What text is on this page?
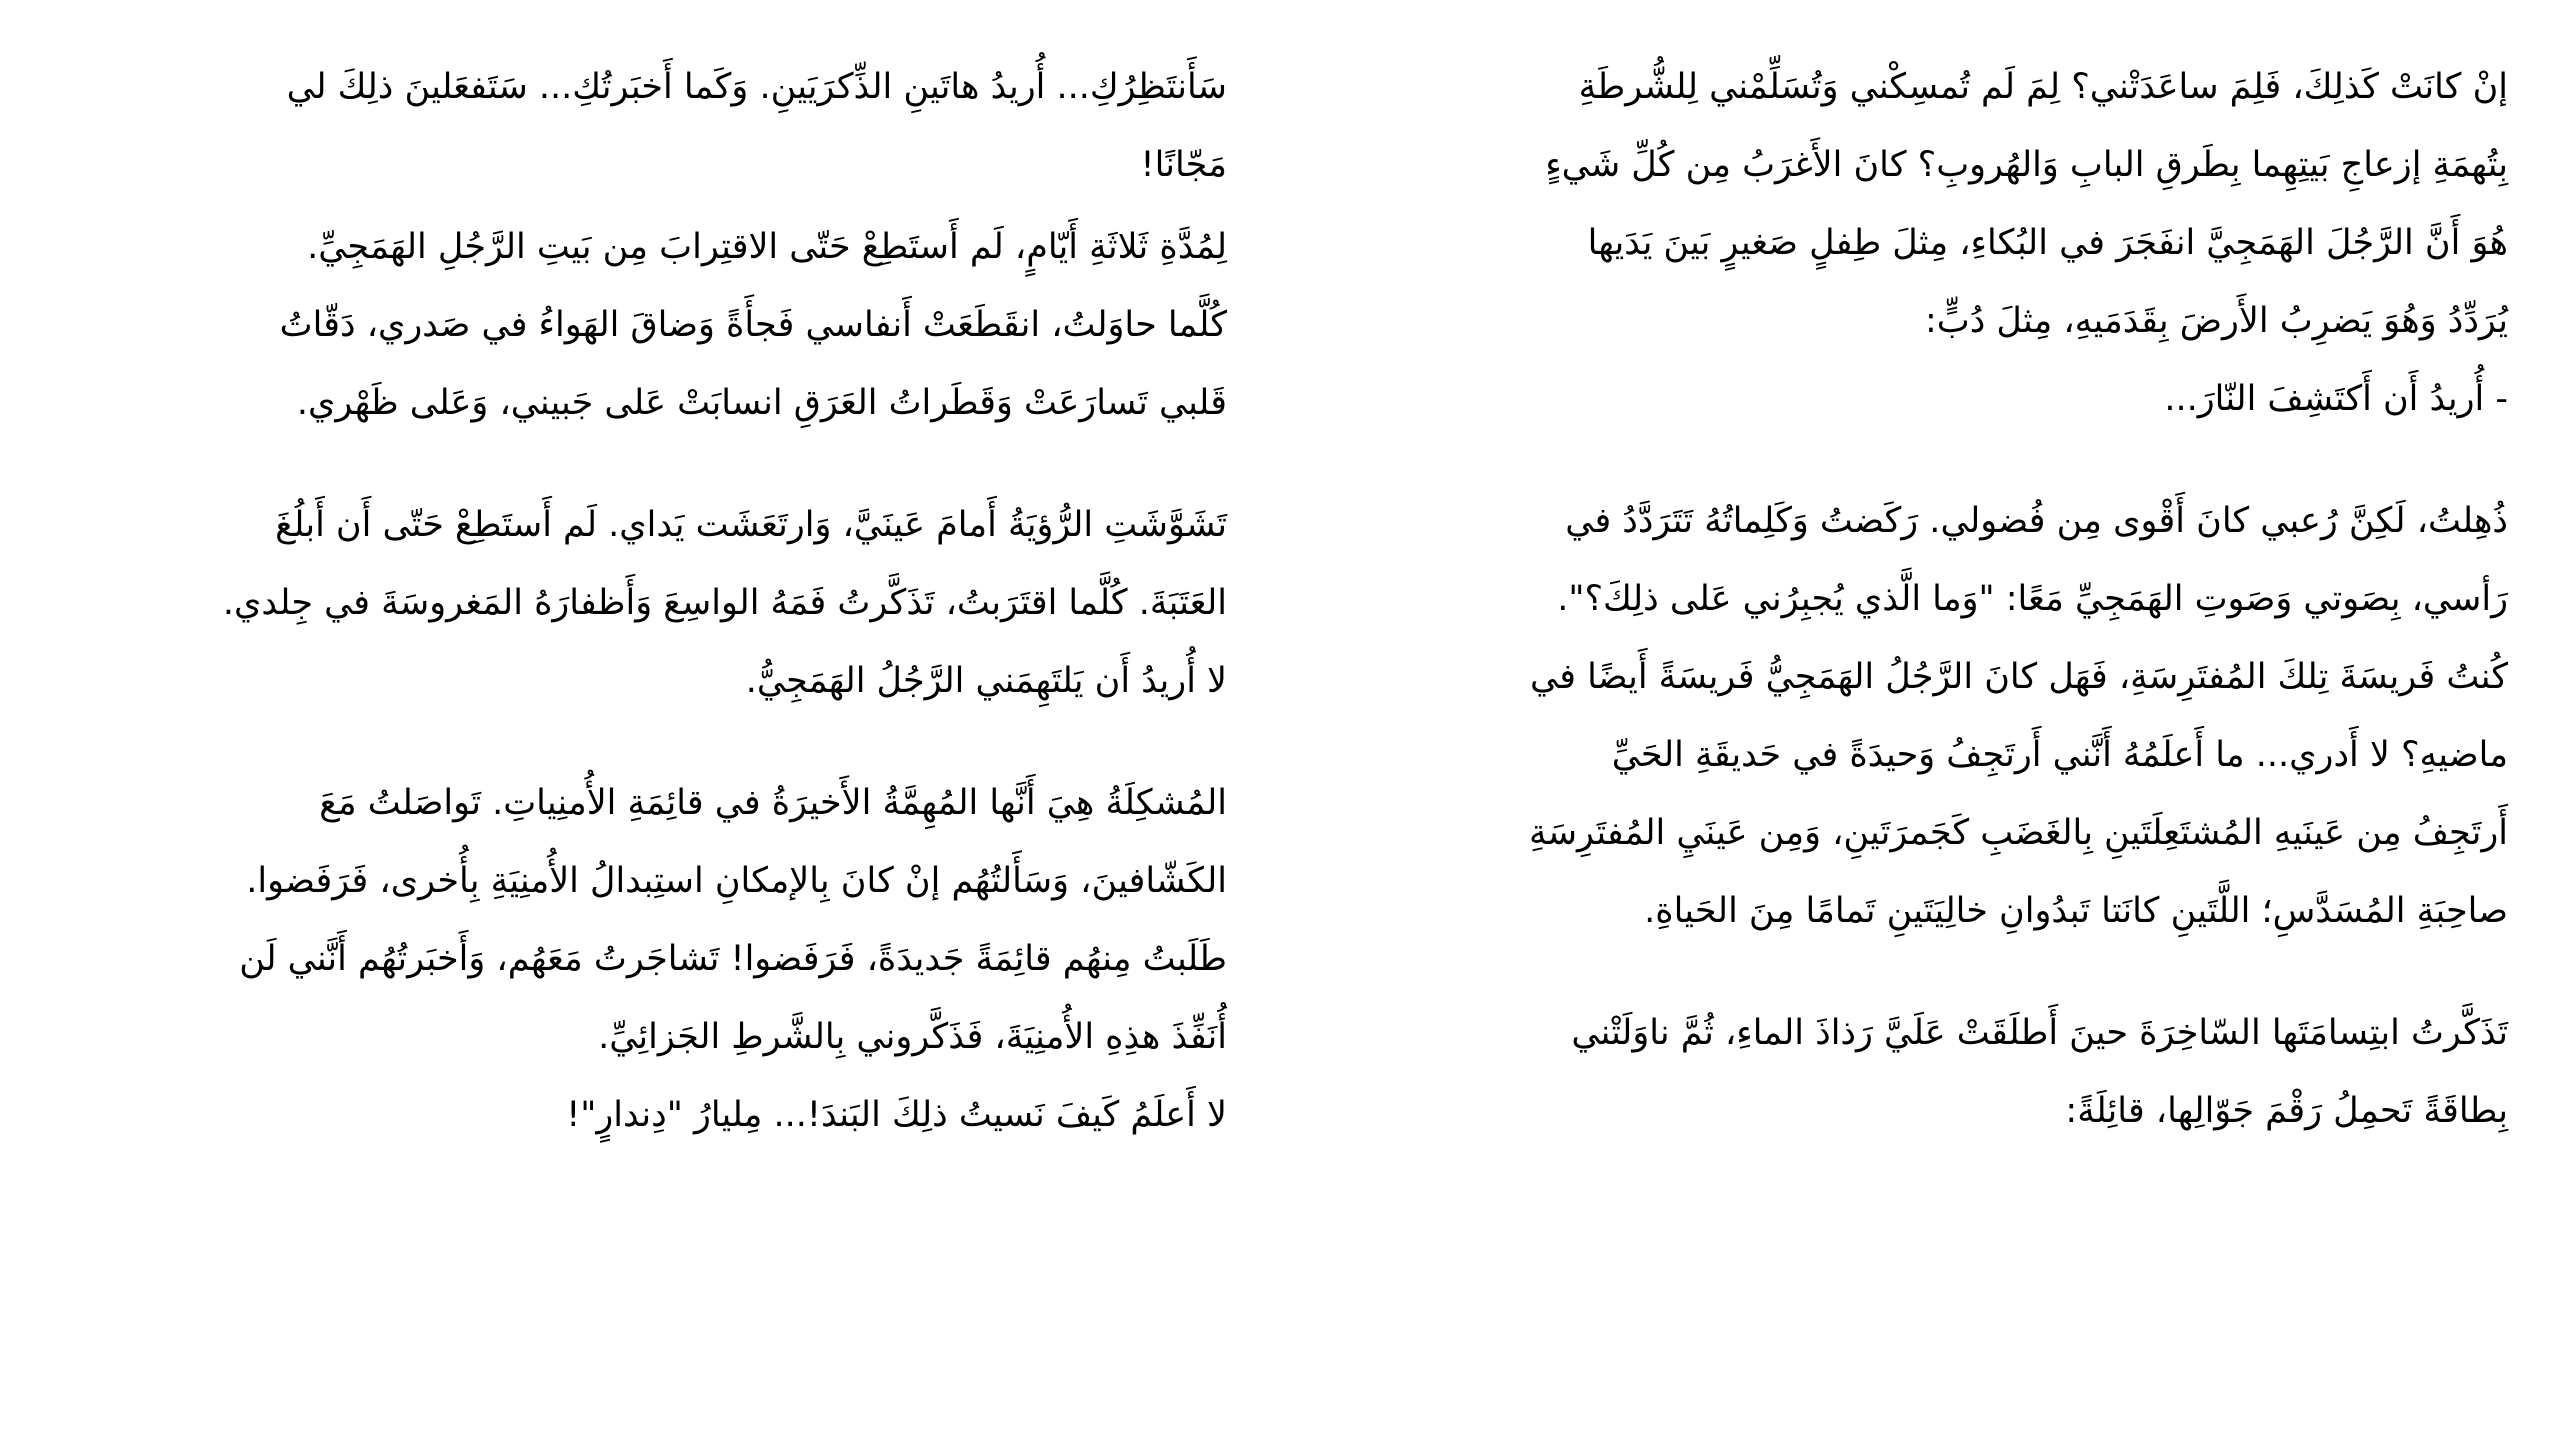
سَأَنتَظِرُكِ... أُريدُ هاتَينِ الذِّكرَيَينِ. وَكَما أَخبَرتُكِ... سَتَفعَلينَ ذلِكَ لي
مَجّانًا!
لِمُدَّةِ ثَلاثَةِ أَيّامٍ، لَم أَستَطِعْ حَتّى الاقتِرابَ مِن بَيتِ الرَّجُلِ الهَمَجِيِّ.
كُلَّما حاوَلتُ، انقَطَعَتْ أَنفاسي فَجأَةً وَضاقَ الهَواءُ في صَدري، دَقّاتُ
قَلبي تَسارَعَتْ وَقَطَراتُ العَرَقِ انسابَتْ عَلى جَبيني، وَعَلى ظَهْري.
تَشَوَّشَتِ الرُّؤيَةُ أَمامَ عَينَيَّ، وَارتَعَشَت يَداي. لَم أَستَطِعْ حَتّى أَن أَبلُغَ
العَتَبَةَ. كُلَّما اقتَرَبتُ، تَذَكَّرتُ فَمَهُ الواسِعَ وَأَظفارَهُ المَغروسَةَ في جِلدي.
لا أُريدُ أَن يَلتَهِمَني الرَّجُلُ الهَمَجِيُّ.
المُشكِلَةُ هِيَ أَنَّها المُهِمَّةُ الأَخيرَةُ في قائِمَةِ الأُمنِياتِ. تَواصَلتُ مَعَ
الكَشّافينَ، وَسَأَلتُهُم إنْ كانَ بِالإمكانِ استِبدالُ الأُمنِيَةِ بِأُخرى، فَرَفَضوا.
طَلَبتُ مِنهُم قائِمَةً جَديدَةً، فَرَفَضوا! تَشاجَرتُ مَعَهُم، وَأَخبَرتُهُم أَنَّني لَن
أُنَفِّذَ هذِهِ الأُمنِيَةَ، فَذَكَّروني بِالشَّرطِ الجَزائِيِّ.
لا أَعلَمُ كَيفَ نَسيتُ ذلِكَ البَندَ!... مِليارُ "دِندارٍ"!
إنْ كانَتْ كَذلِكَ، فَلِمَ ساعَدَتْني؟ لِمَ لَم تُمسِكْني وَتُسَلِّمْني لِلشُّرطَةِ
بِتُهمَةِ إزعاجِ بَيتِهِما بِطَرقِ البابِ وَالهُروبِ؟ كانَ الأَغرَبُ مِن كُلِّ شَيءٍ
هُوَ أَنَّ الرَّجُلَ الهَمَجِيَّ انفَجَرَ في البُكاءِ، مِثلَ طِفلٍ صَغيرٍ بَينَ يَدَيها
يُرَدِّدُ وَهُوَ يَضرِبُ الأَرضَ بِقَدَمَيهِ، مِثلَ دُبٍّ:
- أُريدُ أَن أَكتَشِفَ النّارَ...
ذُهِلتُ، لَكِنَّ رُعبي كانَ أَقْوى مِن فُضولي. رَكَضتُ وَكَلِماتُهُ تَتَرَدَّدُ في
رَأسي، بِصَوتي وَصَوتِ الهَمَجِيِّ مَعًا: "وَما الَّذي يُجبِرُني عَلى ذلِكَ؟".
كُنتُ فَريسَةَ تِلكَ المُفتَرِسَةِ، فَهَل كانَ الرَّجُلُ الهَمَجِيُّ فَريسَةً أَيضًا في
ماضيهِ؟ لا أَدري... ما أَعلَمُهُ أَنَّني أَرتَجِفُ وَحيدَةً في حَديقَةِ الحَيِّ
أَرتَجِفُ مِن عَينَيهِ المُشتَعِلَتَينِ بِالغَضَبِ كَجَمرَتَينِ، وَمِن عَينَيِ المُفتَرِسَةِ
صاحِبَةِ المُسَدَّسِ؛ اللَّتَينِ كانَتا تَبدُوانِ خالِيَتَينِ تَمامًا مِنَ الحَياةِ.
تَذَكَّرتُ ابتِسامَتَها السّاخِرَةَ حينَ أَطلَقَتْ عَلَيَّ رَذاذَ الماءِ، ثُمَّ ناوَلَتْني
بِطاقَةً تَحمِلُ رَقْمَ جَوّالِها، قائِلَةً:
